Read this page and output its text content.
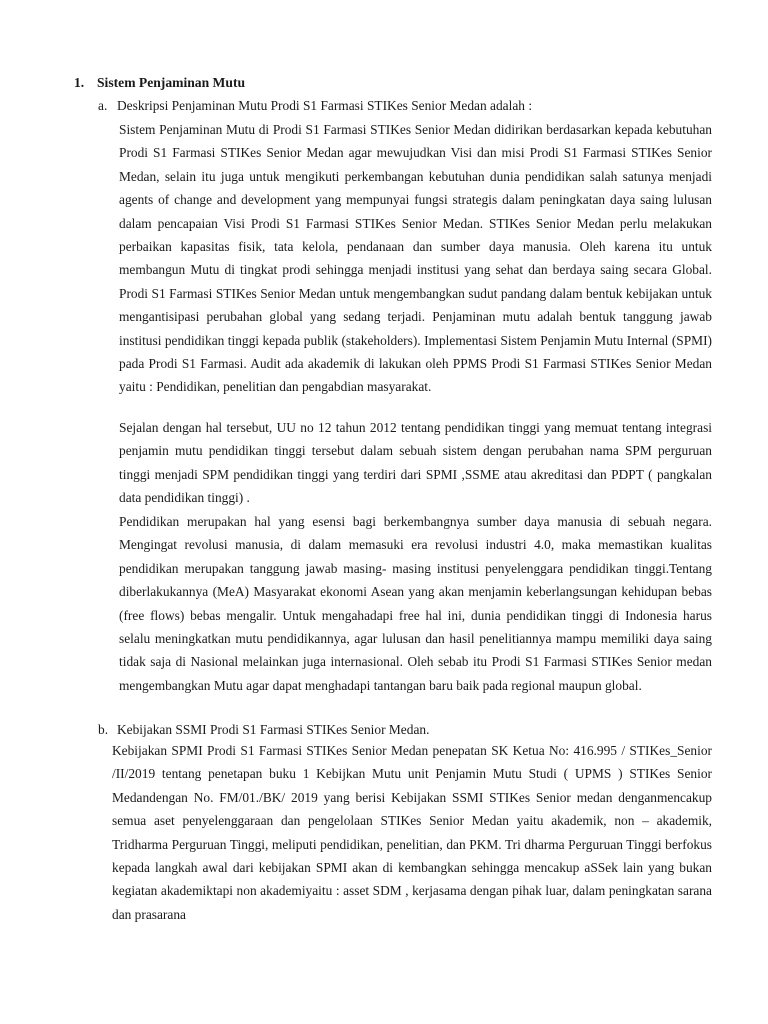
1. Sistem Penjaminan Mutu
a. Deskripsi Penjaminan Mutu Prodi S1 Farmasi STIKes Senior Medan adalah :

Sistem Penjaminan Mutu di Prodi S1 Farmasi STIKes Senior Medan didirikan berdasarkan kepada kebutuhan Prodi S1 Farmasi STIKes Senior Medan agar mewujudkan Visi dan misi Prodi S1 Farmasi STIKes Senior Medan, selain itu juga untuk mengikuti perkembangan kebutuhan dunia pendidikan salah satunya menjadi agents of change and development yang mempunyai fungsi strategis dalam peningkatan daya saing lulusan dalam pencapaian Visi Prodi S1 Farmasi STIKes Senior Medan. STIKes Senior Medan perlu melakukan perbaikan kapasitas fisik, tata kelola, pendanaan dan sumber daya manusia. Oleh karena itu untuk membangun Mutu di tingkat prodi sehingga menjadi institusi yang sehat dan berdaya saing secara Global. Prodi S1 Farmasi STIKes Senior Medan untuk mengembangkan sudut pandang dalam bentuk kebijakan untuk mengantisipasi perubahan global yang sedang terjadi. Penjaminan mutu adalah bentuk tanggung jawab institusi pendidikan tinggi kepada publik (stakeholders). Implementasi Sistem Penjamin Mutu Internal (SPMI) pada Prodi S1 Farmasi. Audit ada akademik di lakukan oleh PPMS Prodi S1 Farmasi STIKes Senior Medan yaitu : Pendidikan, penelitian dan pengabdian masyarakat.

Sejalan dengan hal tersebut, UU no 12 tahun 2012 tentang pendidikan tinggi yang memuat tentang integrasi penjamin mutu pendidikan tinggi tersebut dalam sebuah sistem dengan perubahan nama SPM perguruan tinggi menjadi SPM pendidikan tinggi yang terdiri dari SPMI ,SSME atau akreditasi dan PDPT ( pangkalan data pendidikan tinggi) .

Pendidikan merupakan hal yang esensi bagi berkembangnya sumber daya manusia di sebuah negara. Mengingat revolusi manusia, di dalam memasuki era revolusi industri 4.0, maka memastikan kualitas pendidikan merupakan tanggung jawab masing- masing institusi penyelenggara pendidikan tinggi.Tentang diberlakukannya (MeA) Masyarakat ekonomi Asean yang akan menjamin keberlangsungan kehidupan bebas (free flows) bebas mengalir. Untuk mengahadapi free hal ini, dunia pendidikan tinggi di Indonesia harus selalu meningkatkan mutu pendidikannya, agar lulusan dan hasil penelitiannya mampu memiliki daya saing tidak saja di Nasional melainkan juga internasional. Oleh sebab itu Prodi S1 Farmasi STIKes Senior medan mengembangkan Mutu agar dapat menghadapi tantangan baru baik pada regional maupun global.

b. Kebijakan SSMI Prodi S1 Farmasi STIKes Senior Medan.

Kebijakan SPMI Prodi S1 Farmasi STIKes Senior Medan penepatan SK Ketua No: 416.995 / STIKes_Senior /II/2019 tentang penetapan buku 1 Kebijkan Mutu unit Penjamin Mutu Studi ( UPMS ) STIKes Senior Medandengan No. FM/01./BK/ 2019 yang berisi Kebijakan SSMI STIKes Senior medan denganmencakup semua aset penyelenggaraan dan pengelolaan STIKes Senior Medan yaitu akademik, non – akademik, Tridharma Perguruan Tinggi, meliputi pendidikan, penelitian, dan PKM. Tri dharma Perguruan Tinggi berfokus kepada langkah awal dari kebijakan SPMI akan di kembangkan sehingga mencakup aSSek lain yang bukan kegiatan akademiktapi non akademiyaitu : asset SDM , kerjasama dengan pihak luar, dalam peningkatan sarana dan prasarana
